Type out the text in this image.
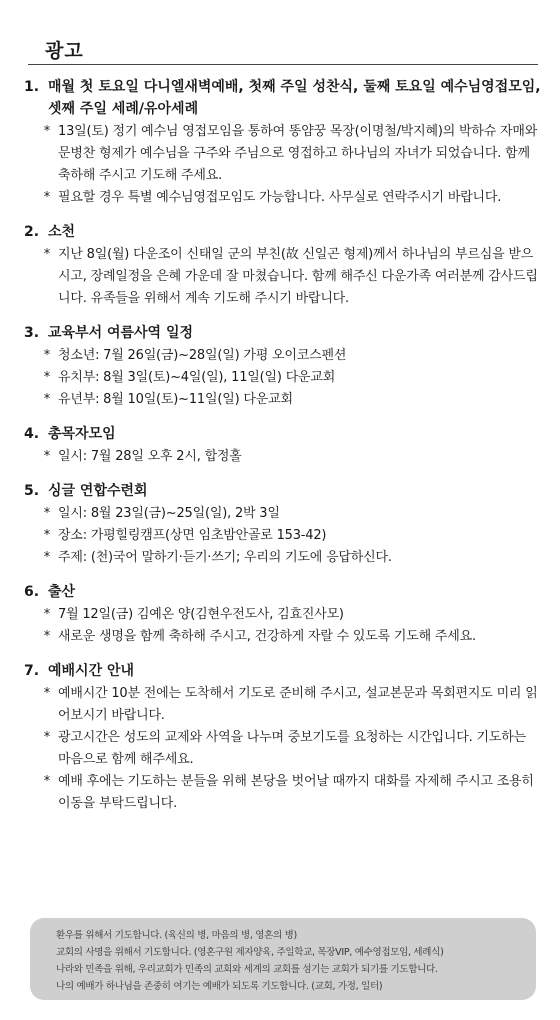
광고
1. 매월 첫 토요일 다니엘새벽예배, 첫째 주일 성찬식, 둘째 토요일 예수님영접모임, 셋째 주일 세례/유아세례
* 13일(토) 정기 예수님 영접모임을 통하여 똥얌꿍 목장(이명철/박지혜)의 박하슈 자매와 문병찬 형제가 예수님을 구주와 주님으로 영접하고 하나님의 자녀가 되었습니다. 함께 축하해 주시고 기도해 주세요.
* 필요할 경우 특별 예수님영접모임도 가능합니다. 사무실로 연락주시기 바랍니다.
2. 소천
* 지난 8일(월) 다운조이 신태일 군의 부친(故 신일곤 형제)께서 하나님의 부르심을 받으시고, 장례일정을 은혜 가운데 잘 마쳤습니다. 함께 해주신 다운가족 여러분께 감사드립니다. 유족들을 위해서 계속 기도해 주시기 바랍니다.
3. 교육부서 여름사역 일정
* 청소년: 7월 26일(금)~28일(일) 가평 오이코스펜션
* 유치부: 8월 3일(토)~4일(일), 11일(일) 다운교회
* 유년부: 8월 10일(토)~11일(일) 다운교회
4. 총목자모임
* 일시: 7월 28일 오후 2시, 합정홀
5. 싱글 연합수련회
* 일시: 8월 23일(금)~25일(일), 2박 3일
* 장소: 가평힐링캠프(상면 임초밤안골로 153-42)
* 주제: (천)국어 말하기·듣기·쓰기; 우리의 기도에 응답하신다.
6. 출산
* 7월 12일(금) 김예온 양(김현우전도사, 김효진사모)
* 새로운 생명을 함께 축하해 주시고, 건강하게 자랄 수 있도록 기도해 주세요.
7. 예배시간 안내
* 예배시간 10분 전에는 도착해서 기도로 준비해 주시고, 설교본문과 목회편지도 미리 읽어보시기 바랍니다.
* 광고시간은 성도의 교제와 사역을 나누며 중보기도를 요청하는 시간입니다. 기도하는 마음으로 함께 해주세요.
* 예배 후에는 기도하는 분들을 위해 본당을 벗어날 때까지 대화를 자제해 주시고 조용히 이동을 부탁드립니다.
환우를 위해서 기도합니다. (육신의 병, 마음의 병, 영혼의 병)
교회의 사명을 위해서 기도합니다. (영혼구원 제자양육, 주일학교, 목장VIP, 예수영접모임, 세례식)
나라와 민족을 위해, 우리교회가 민족의 교회와 세계의 교회를 섬기는 교회가 되기를 기도합니다.
나의 예배가 하나님을 존중히 여기는 예배가 되도록 기도합니다. (교회, 가정, 일터)
